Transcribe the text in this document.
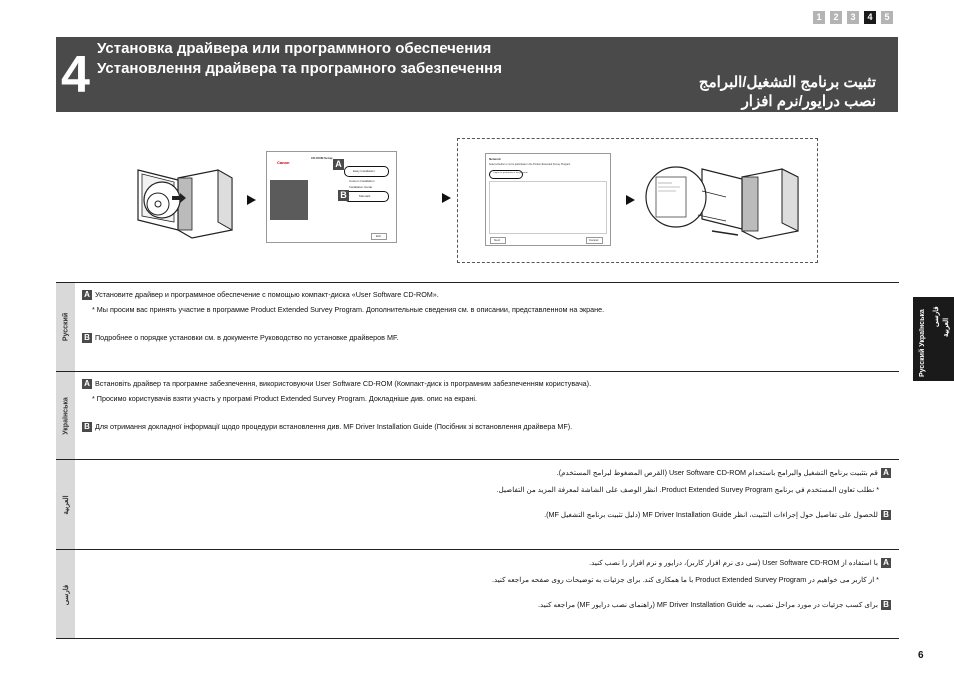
1	2	3	4	5
4 Установка драйвера или программного обеспечения
Установлення драйвера та програмного забезпечення
تثبيت برنامج التشغيل/البرامج
نصب درایور/نرم افزار
Canon
CD-ROM Setup
Easy Installation
Custom Installation
Installation Guide
Manuals
Exit
A
B
Network
Select whether or not to participate in the Product Extended Survey Program.
I agree to participate in the program
Next	Cancel
Русский
A Установите драйвер и программное обеспечение с помощью компакт-диска «User Software CD-ROM».
* Мы просим вас принять участие в программе Product Extended Survey Program. Дополнительные сведения см. в описании, представленном на экране.
B Подробнее о порядке установки см. в документе Руководство по установке драйверов MF.
Українська
A Встановіть драйвер та програмне забезпечення, використовуючи User Software CD-ROM (Компакт-диск із програмним забезпеченням користувача).
* Просимо користувачів взяти участь у програмі Product Extended Survey Program. Докладніше див. опис на екрані.
B Для отримання докладної інформації щодо процедури встановлення див. MF Driver Installation Guide (Посібник зі встановлення драйвера MF).
العربية
Aقم بتثبيت برنامج التشغيل والبرامج باستخدام User Software CD-ROM (القرص المضغوط لبرامج المستخدم).
* نطلب تعاون المستخدم في برنامج Product Extended Survey Program. انظر الوصف على الشاشة لمعرفة المزيد من التفاصيل.
Bللحصول على تفاصيل حول إجراءات التثبيت، انظر MF Driver Installation Guide (دليل تثبيت برنامج التشغيل MF).
فارسی
Aبا استفاده از User Software CD-ROM (سی دی نرم افزار کاربر)، درایور و نرم افزار را نصب کنید.
* از کاربر می خواهیم در Product Extended Survey Program با ما همکاری کند. برای جزئیات به توضیحات روی صفحه مراجعه کنید.
Bبرای کسب جزئیات در مورد مراحل نصب، به MF Driver Installation Guide (راهنمای نصب درایور MF) مراجعه کنید.
Русский Українська فارسی
العربية
6
